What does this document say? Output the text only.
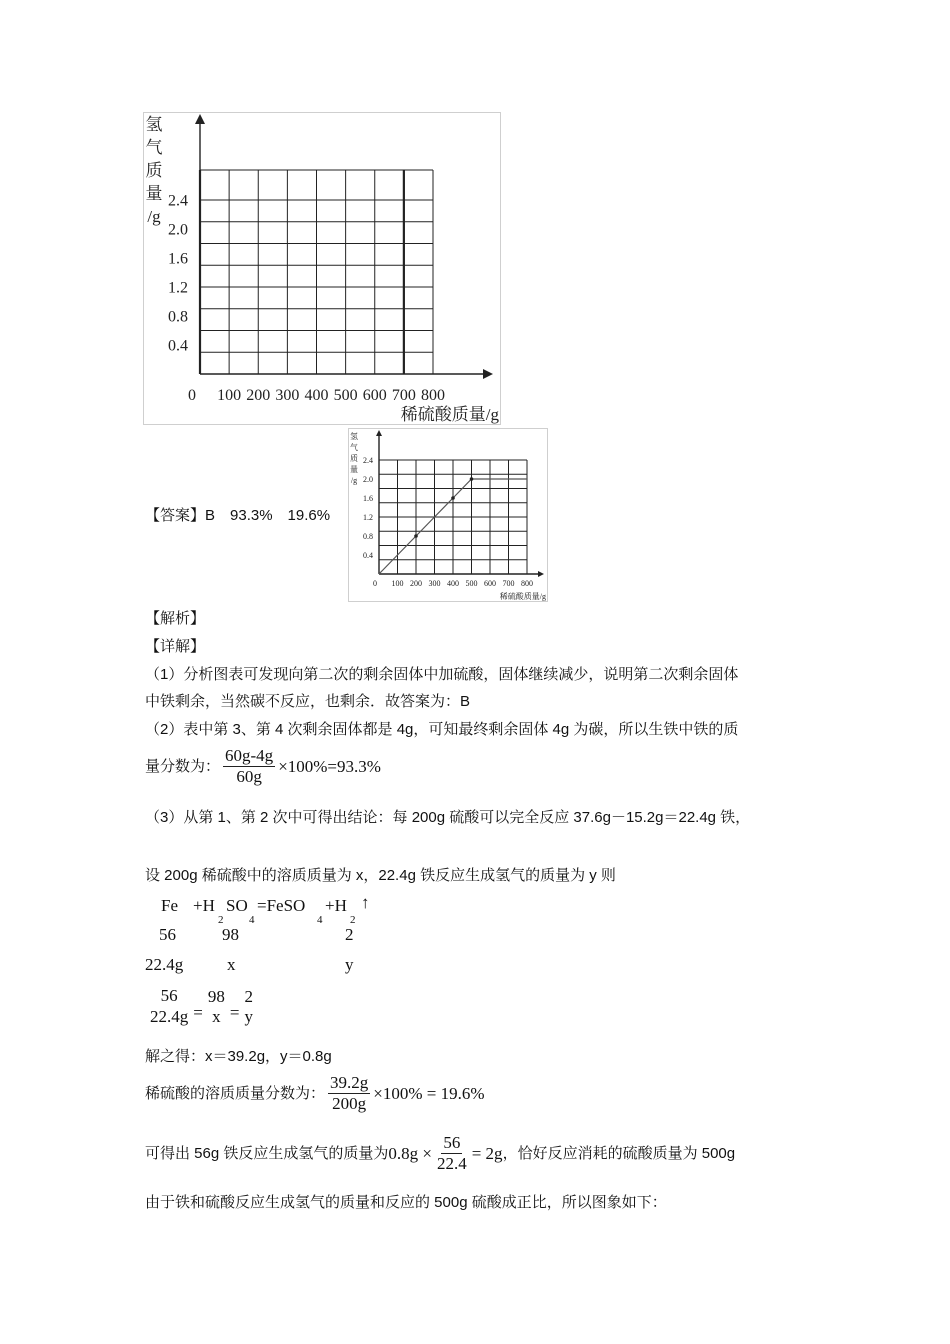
0.4
0.8
1.2
1.6
2.0
2.4
0 100 200 300 400 500 600 700 800
氢
气
质
量
/g
稀硫酸质量/g
0.4
0.8
1.2
1.6
2.0
2.4
0 100 200 300 400 500 600 700 800
氢
气
质
量
/g
稀硫酸质量/g
【答案】B　93.3%　19.6%
【解析】
【详解】
（1）分析图表可发现向第二次的剩余固体中加硫酸，固体继续减少，说明第二次剩余固体
中铁剩余，当然碳不反应，也剩余．故答案为：B
（2）表中第 3、第 4 次剩余固体都是 4g，可知最终剩余固体 4g 为碳，所以生铁中铁的质
量分数为： $\frac{60g-4g}{60g} \times 100\%=93.3\%$
（3）从第 1、第 2 次中可得出结论：每 200g 硫酸可以完全反应 37.6g－15.2g＝22.4g 铁，
设 200g 稀硫酸中的溶质质量为 x，22.4g 铁反应生成氢气的质量为 y 则
Fe +H
2
SO
4
=FeSO
4
+H
2
↑
56	98	2
22.4g	x	y
56
22.4g =
98
x =
2
y
解之得：x＝39.2g，y＝0.8g
稀硫酸的溶质质量分数为： $\frac{39.2g}{200g} \times 100\% = 19.6\%$
可得出 56g 铁反应生成氢气的质量为 $0.8g \times \frac{56}{22.4} = 2g$ ，恰好反应消耗的硫酸质量为 500g
由于铁和硫酸反应生成氢气的质量和反应的 500g 硫酸成正比，所以图象如下：
